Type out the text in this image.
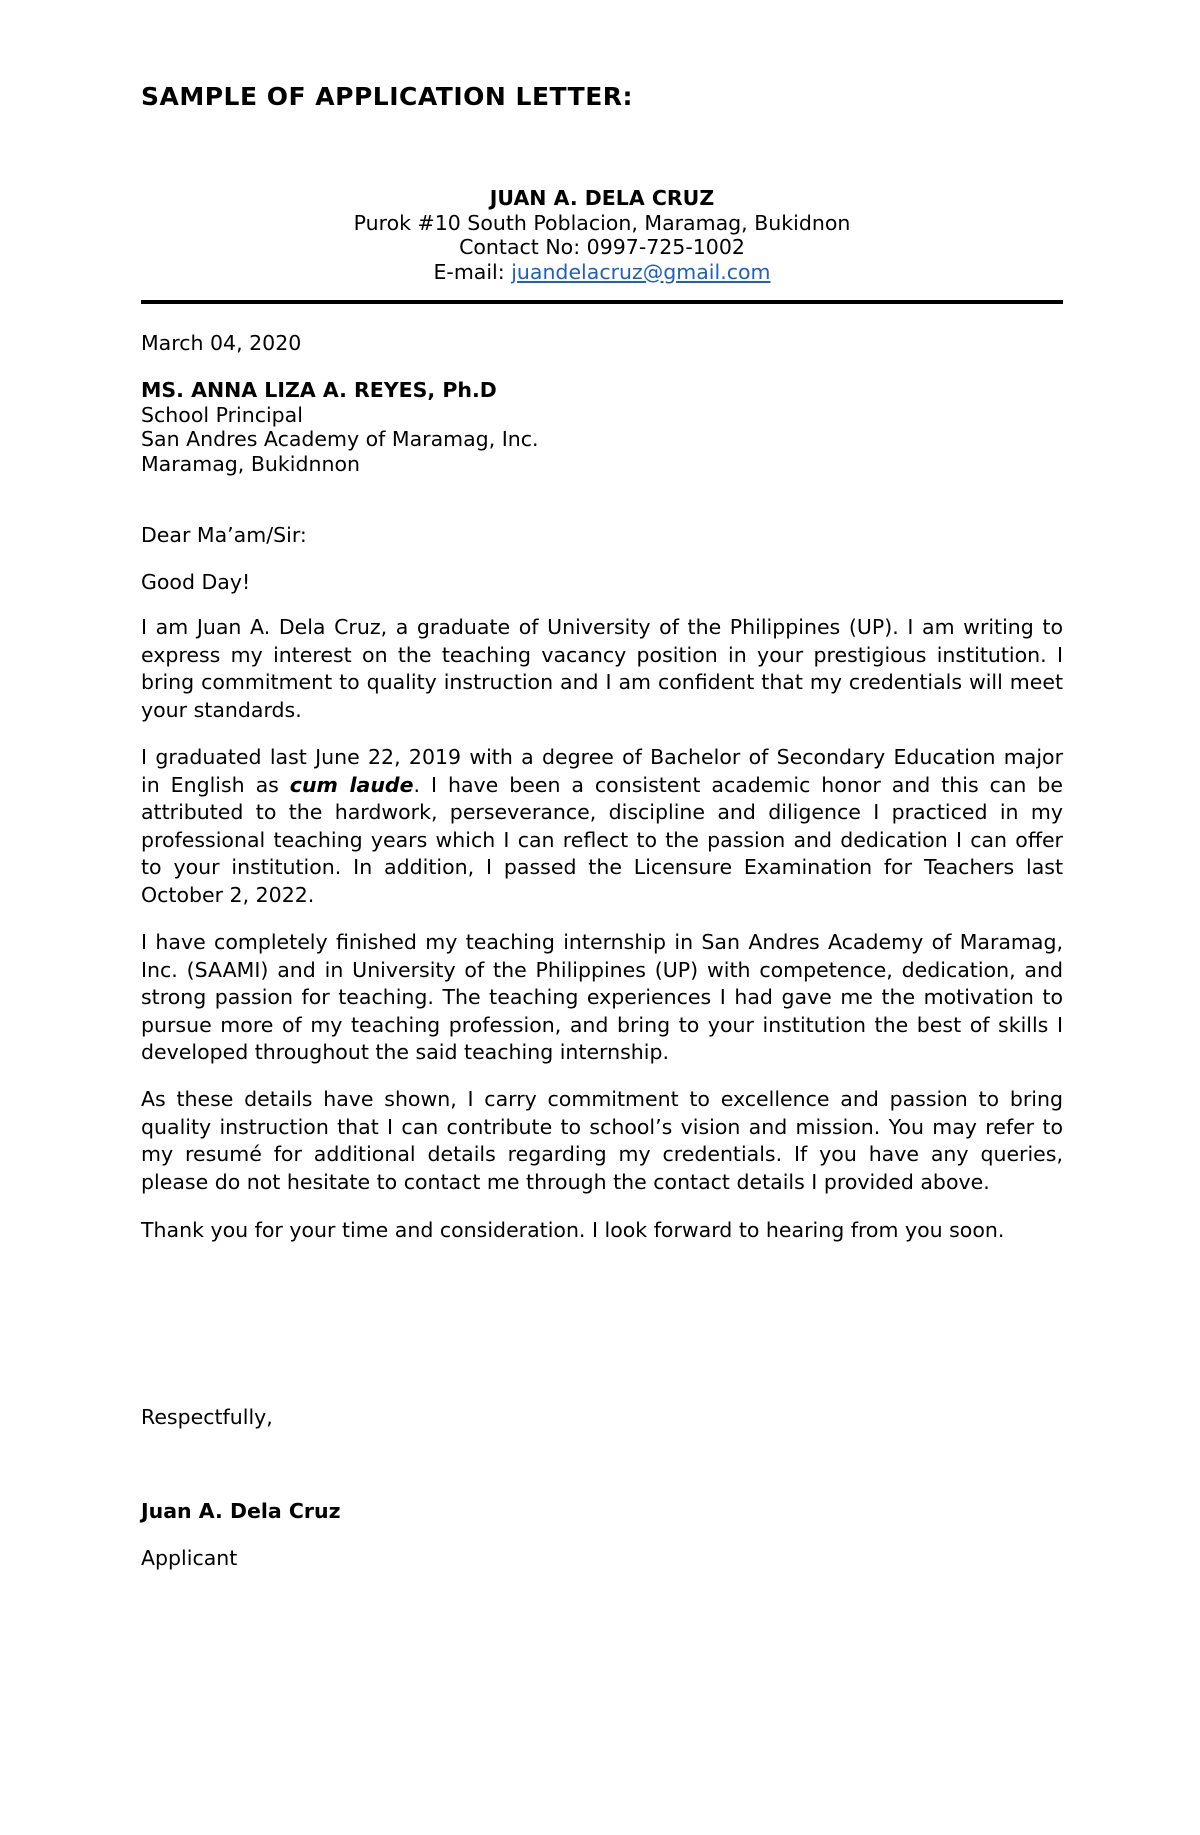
SAMPLE OF APPLICATION LETTER:
JUAN A. DELA CRUZ
Purok #10 South Poblacion, Maramag, Bukidnon
Contact No: 0997-725-1002
E-mail: juandelacruz@gmail.com
March 04, 2020
MS. ANNA LIZA A. REYES, Ph.D
School Principal
San Andres Academy of Maramag, Inc.
Maramag, Bukidnnon
Dear Ma’am/Sir:
Good Day!
I am Juan A. Dela Cruz, a graduate of University of the Philippines (UP). I am writing to express my interest on the teaching vacancy position in your prestigious institution. I bring commitment to quality instruction and I am confident that my credentials will meet your standards.
I graduated last June 22, 2019 with a degree of Bachelor of Secondary Education major in English as cum laude. I have been a consistent academic honor and this can be attributed to the hardwork, perseverance, discipline and diligence I practiced in my professional teaching years which I can reflect to the passion and dedication I can offer to your institution. In addition, I passed the Licensure Examination for Teachers last October 2, 2022.
I have completely finished my teaching internship in San Andres Academy of Maramag, Inc. (SAAMI) and in University of the Philippines (UP) with competence, dedication, and strong passion for teaching. The teaching experiences I had gave me the motivation to pursue more of my teaching profession, and bring to your institution the best of skills I developed throughout the said teaching internship.
As these details have shown, I carry commitment to excellence and passion to bring quality instruction that I can contribute to school’s vision and mission. You may refer to my resumé for additional details regarding my credentials. If you have any queries, please do not hesitate to contact me through the contact details I provided above.
Thank you for your time and consideration. I look forward to hearing from you soon.
Respectfully,
Juan A. Dela Cruz
Applicant
